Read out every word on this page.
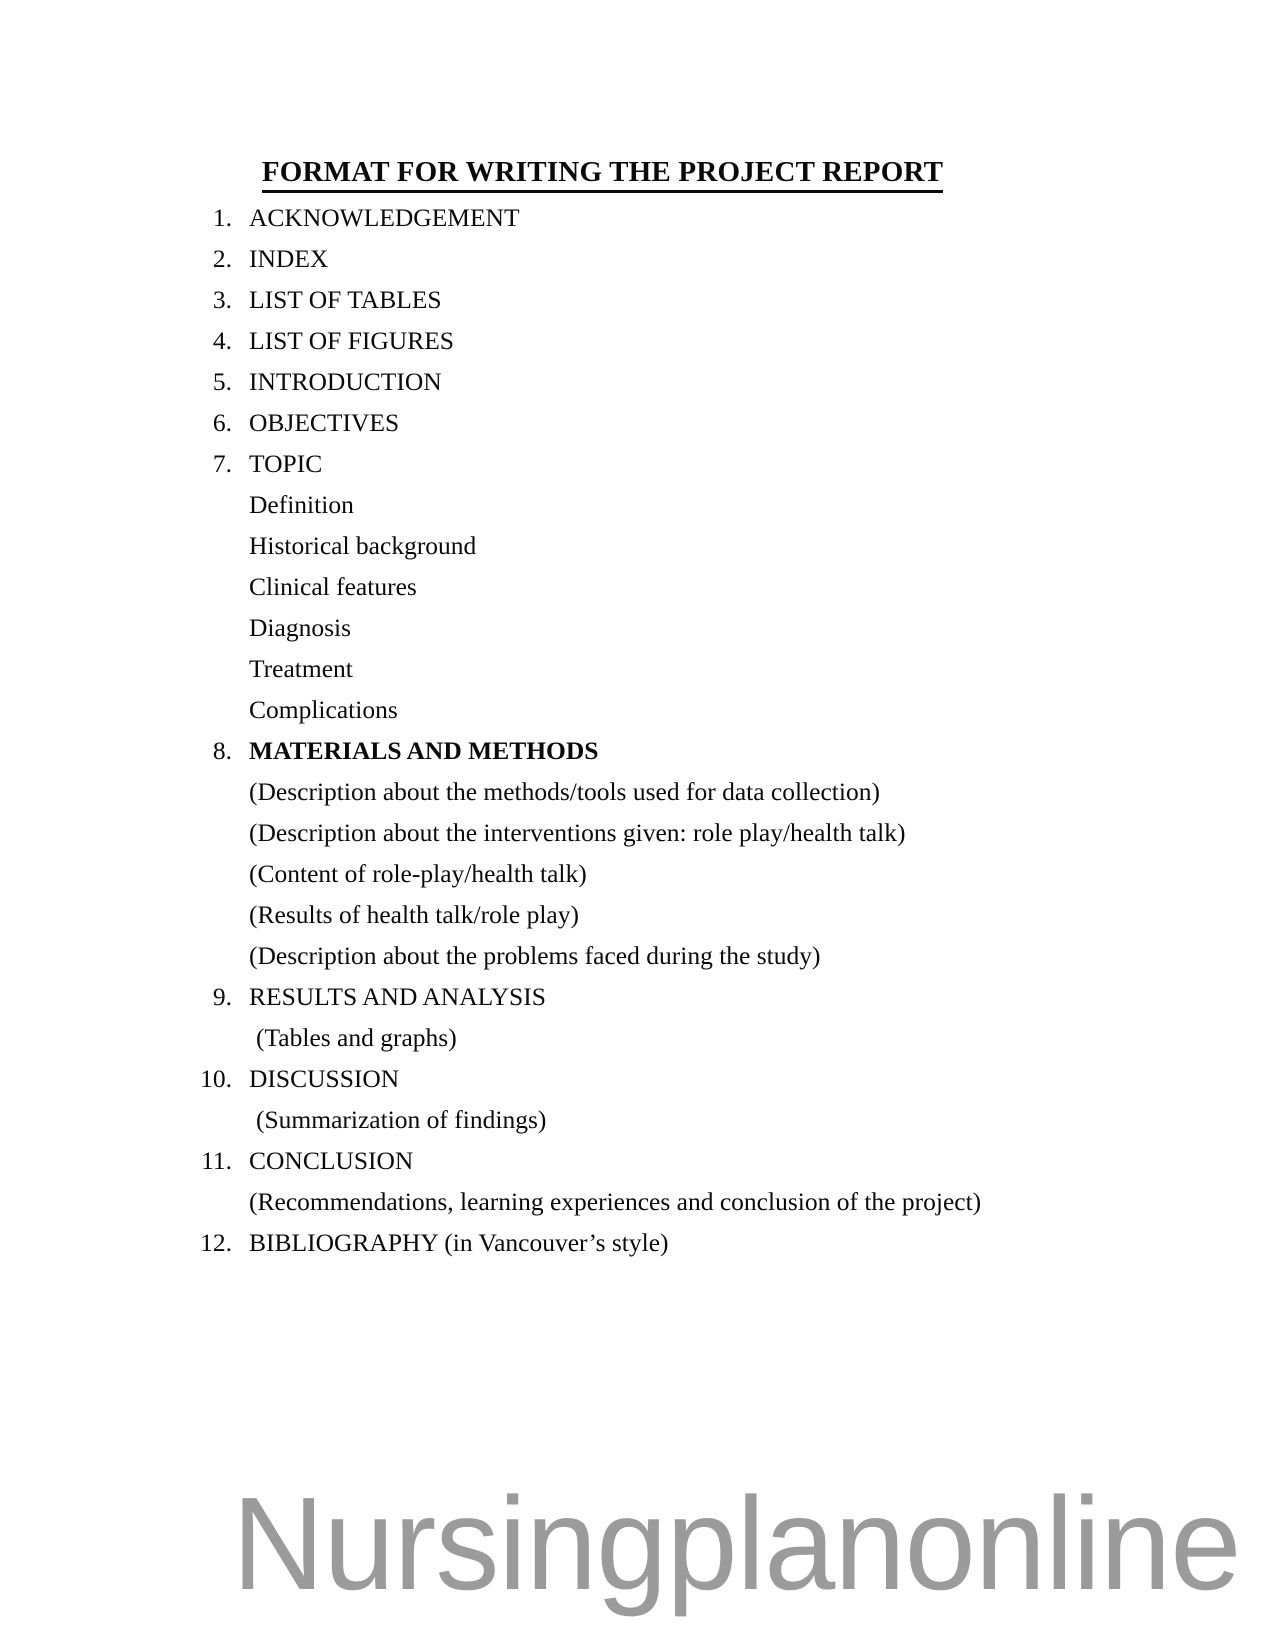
FORMAT FOR WRITING THE PROJECT REPORT
1. ACKNOWLEDGEMENT
2. INDEX
3. LIST OF TABLES
4. LIST OF FIGURES
5. INTRODUCTION
6. OBJECTIVES
7. TOPIC
Definition
Historical background
Clinical features
Diagnosis
Treatment
Complications
8. MATERIALS AND METHODS
(Description about the methods/tools used for data collection)
(Description about the interventions given: role play/health talk)
(Content of role-play/health talk)
(Results of health talk/role play)
(Description about the problems faced during the study)
9. RESULTS AND ANALYSIS
(Tables and graphs)
10. DISCUSSION
(Summarization of findings)
11. CONCLUSION
(Recommendations, learning experiences and conclusion of the project)
12. BIBLIOGRAPHY (in Vancouver’s style)
Nursingplanonline
